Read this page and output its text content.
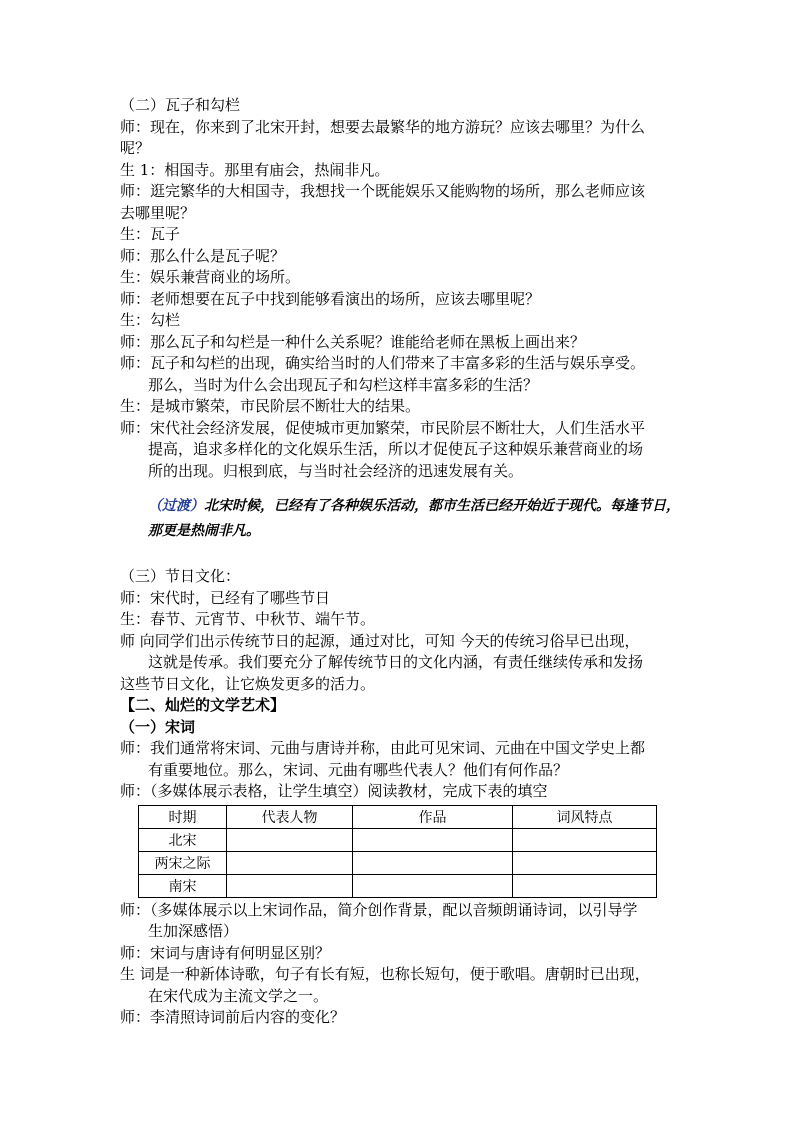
（二）瓦子和勾栏
师：现在，你来到了北宋开封，想要去最繁华的地方游玩？应该去哪里？为什么
呢？
生 1：相国寺。那里有庙会，热闹非凡。
师：逛完繁华的大相国寺，我想找一个既能娱乐又能购物的场所，那么老师应该
去哪里呢？
生：瓦子
师：那么什么是瓦子呢？
生：娱乐兼营商业的场所。
师：老师想要在瓦子中找到能够看演出的场所，应该去哪里呢？
生：勾栏
师：那么瓦子和勾栏是一种什么关系呢？谁能给老师在黑板上画出来？
师：瓦子和勾栏的出现，确实给当时的人们带来了丰富多彩的生活与娱乐享受。
那么，当时为什么会出现瓦子和勾栏这样丰富多彩的生活？
生：是城市繁荣，市民阶层不断壮大的结果。
师：宋代社会经济发展，促使城市更加繁荣，市民阶层不断壮大，人们生活水平
提高，追求多样化的文化娱乐生活，所以才促使瓦子这种娱乐兼营商业的场
所的出现。归根到底，与当时社会经济的迅速发展有关。
（过渡）北宋时候，已经有了各种娱乐活动，都市生活已经开始近于现代。每逢节日，那更是热闹非凡。
（三）节日文化：
师：宋代时，已经有了哪些节日
生：春节、元宵节、中秋节、端午节。
师 向同学们出示传统节日的起源，通过对比，可知 今天的传统习俗早已出现，
这就是传承。我们要充分了解传统节日的文化内涵，有责任继续传承和发扬
这些节日文化，让它焕发更多的活力。
【二、灿烂的文学艺术】
（一）宋词
师：我们通常将宋词、元曲与唐诗并称，由此可见宋词、元曲在中国文学史上都
有重要地位。那么，宋词、元曲有哪些代表人？他们有何作品？
师：（多媒体展示表格，让学生填空）阅读教材，完成下表的填空
时期	代表人物	作品	词风特点
北宋			
两宋之际			
南宋			
师：（多媒体展示以上宋词作品，简介创作背景，配以音频朗诵诗词，以引导学
生加深感悟）
师：宋词与唐诗有何明显区别？
生 词是一种新体诗歌，句子有长有短，也称长短句，便于歌唱。唐朝时已出现，
在宋代成为主流文学之一。
师：李清照诗词前后内容的变化？
